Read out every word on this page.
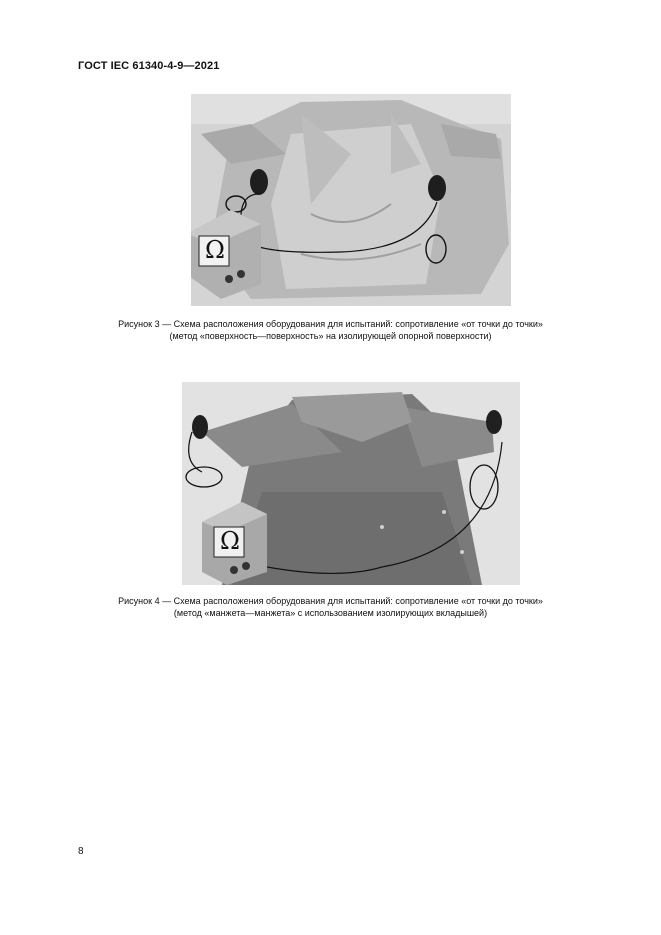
ГОСТ IEC 61340-4-9—2021
Ω
Рисунок 3 — Схема расположения оборудования для испытаний: сопротивление «от точки до точки»
(метод «поверхность—поверхность» на изолирующей опорной поверхности)
Ω
Рисунок 4 — Схема расположения оборудования для испытаний: сопротивление «от точки до точки»
(метод «манжета—манжета» с использованием изолирующих вкладышей)
8
